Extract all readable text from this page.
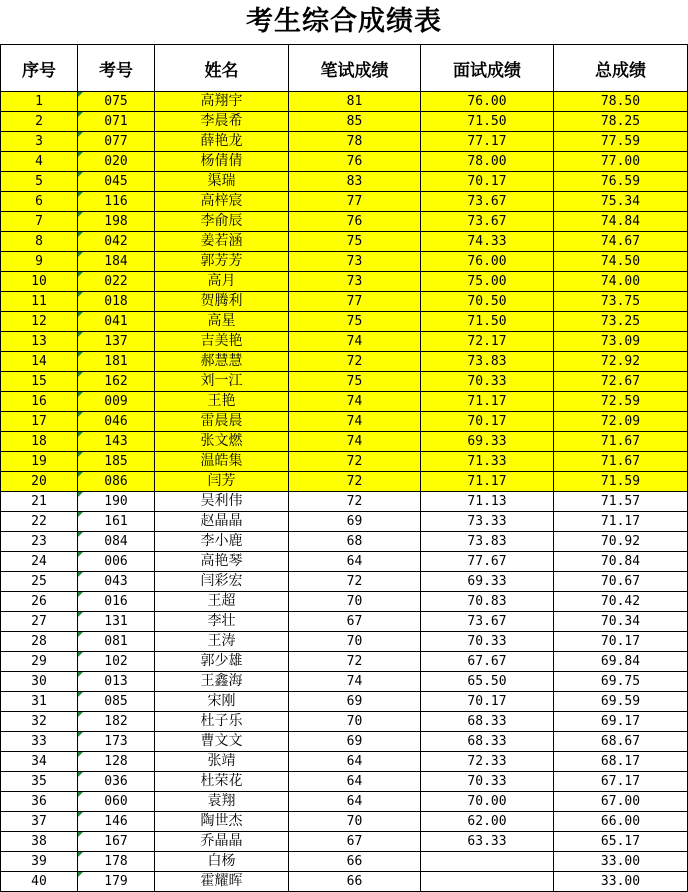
考生综合成绩表
序号	考号	姓名	笔试成绩	面试成绩	总成绩
1	075	高翔宇	81	76.00	78.50
2	071	李晨希	85	71.50	78.25
3	077	薛艳龙	78	77.17	77.59
4	020	杨倩倩	76	78.00	77.00
5	045	渠瑞	83	70.17	76.59
6	116	高梓宸	77	73.67	75.34
7	198	李俞辰	76	73.67	74.84
8	042	姜若涵	75	74.33	74.67
9	184	郭芳芳	73	76.00	74.50
10	022	高月	73	75.00	74.00
11	018	贺腾利	77	70.50	73.75
12	041	高星	75	71.50	73.25
13	137	吉美艳	74	72.17	73.09
14	181	郝慧慧	72	73.83	72.92
15	162	刘一江	75	70.33	72.67
16	009	王艳	74	71.17	72.59
17	046	雷晨晨	74	70.17	72.09
18	143	张文燃	74	69.33	71.67
19	185	温皓集	72	71.33	71.67
20	086	闫芳	72	71.17	71.59
21	190	吴利伟	72	71.13	71.57
22	161	赵晶晶	69	73.33	71.17
23	084	李小鹿	68	73.83	70.92
24	006	高艳琴	64	77.67	70.84
25	043	闫彩宏	72	69.33	70.67
26	016	王超	70	70.83	70.42
27	131	李壮	67	73.67	70.34
28	081	王涛	70	70.33	70.17
29	102	郭少雄	72	67.67	69.84
30	013	王鑫海	74	65.50	69.75
31	085	宋刚	69	70.17	69.59
32	182	杜子乐	70	68.33	69.17
33	173	曹文文	69	68.33	68.67
34	128	张靖	64	72.33	68.17
35	036	杜荣花	64	70.33	67.17
36	060	袁翔	64	70.00	67.00
37	146	陶世杰	70	62.00	66.00
38	167	乔晶晶	67	63.33	65.17
39	178	白杨	66		33.00
40	179	霍耀晖	66		33.00
